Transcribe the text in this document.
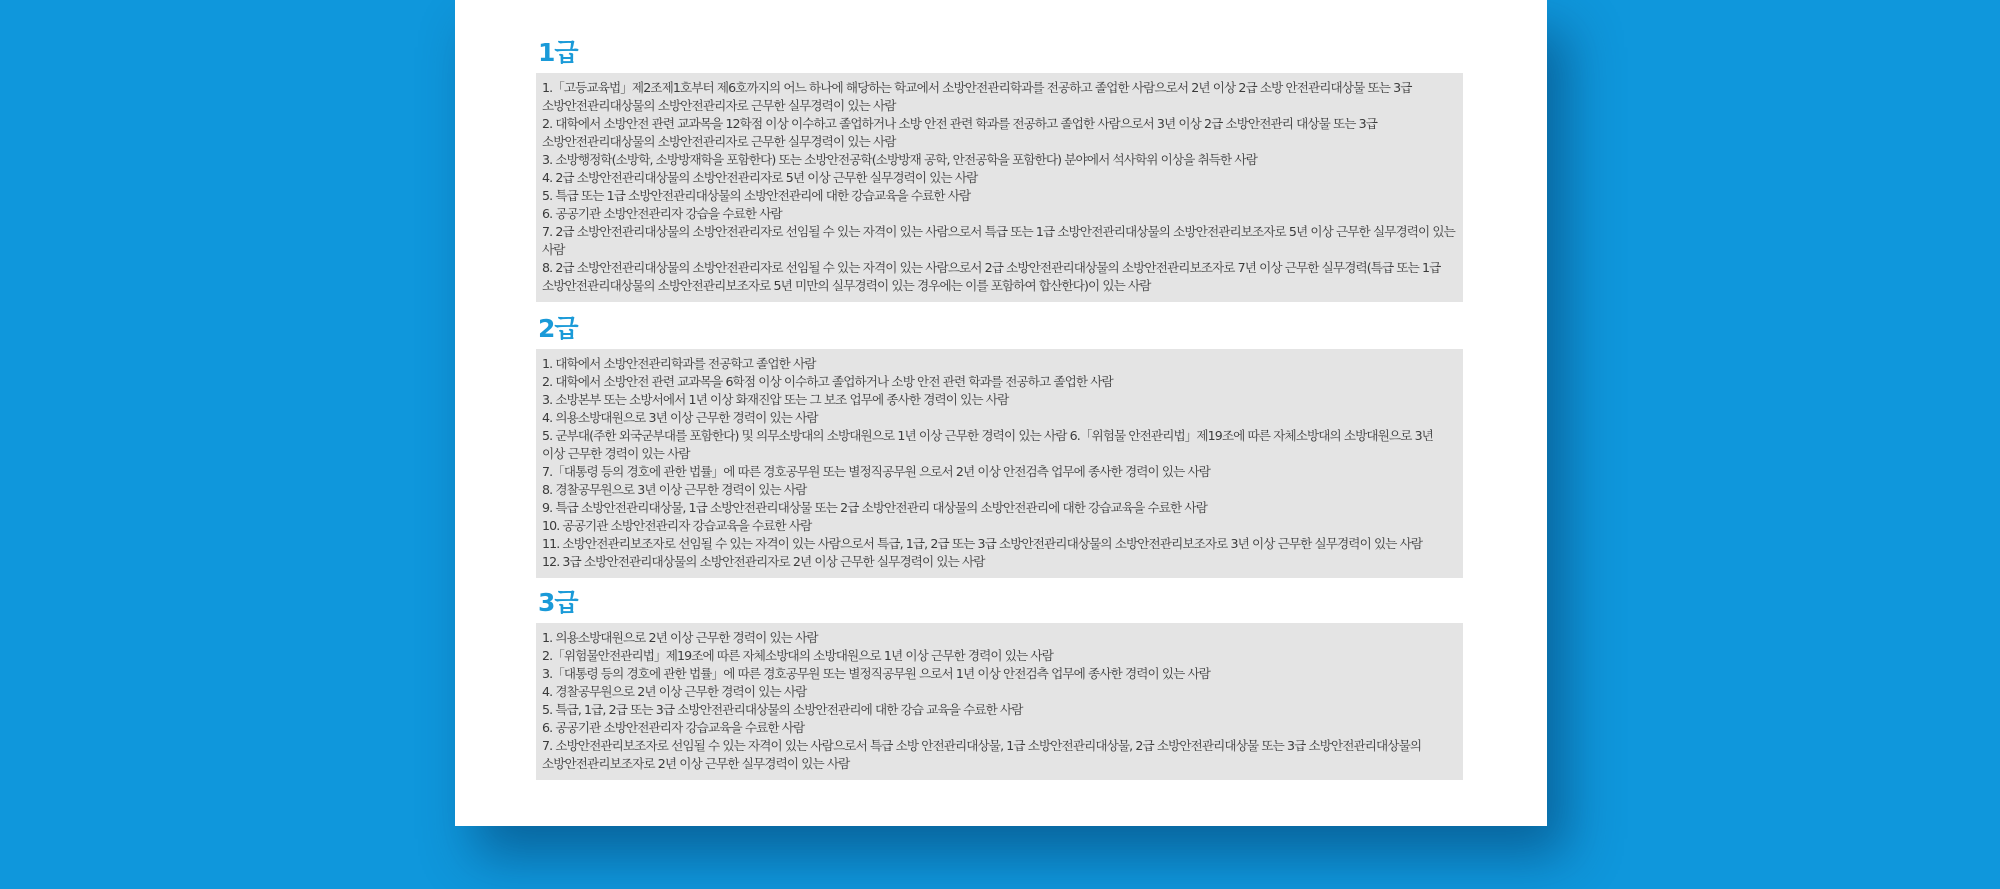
1급
1.「고등교육법」제2조제1호부터 제6호까지의 어느 하나에 해당하는 학교에서 소방안전관리학과를 전공하고 졸업한 사람으로서 2년 이상 2급 소방 안전관리대상물 또는 3급 소방안전관리대상물의 소방안전관리자로 근무한 실무경력이 있는 사람
2. 대학에서 소방안전 관련 교과목을 12학점 이상 이수하고 졸업하거나 소방 안전 관련 학과를 전공하고 졸업한 사람으로서 3년 이상 2급 소방안전관리 대상물 또는 3급 소방안전관리대상물의 소방안전관리자로 근무한 실무경력이 있는 사람
3. 소방행정학(소방학, 소방방재학을 포함한다) 또는 소방안전공학(소방방재 공학, 안전공학을 포함한다) 분야에서 석사학위 이상을 취득한 사람
4. 2급 소방안전관리대상물의 소방안전관리자로 5년 이상 근무한 실무경력이 있는 사람
5. 특급 또는 1급 소방안전관리대상물의 소방안전관리에 대한 강습교육을 수료한 사람
6. 공공기관 소방안전관리자 강습을 수료한 사람
7. 2급 소방안전관리대상물의 소방안전관리자로 선임될 수 있는 자격이 있는 사람으로서 특급 또는 1급 소방안전관리대상물의 소방안전관리보조자로 5년 이상 근무한 실무경력이 있는 사람
8. 2급 소방안전관리대상물의 소방안전관리자로 선임될 수 있는 자격이 있는 사람으로서 2급 소방안전관리대상물의 소방안전관리보조자로 7년 이상 근무한 실무경력(특급 또는 1급 소방안전관리대상물의 소방안전관리보조자로 5년 미만의 실무경력이 있는 경우에는 이를 포함하여 합산한다)이 있는 사람
2급
1. 대학에서 소방안전관리학과를 전공학고 졸업한 사람
2. 대학에서 소방안전 관련 교과목을 6학점 이상 이수하고 졸업하거나 소방 안전 관련 학과를 전공하고 졸업한 사람
3. 소방본부 또는 소방서에서 1년 이상 화재진압 또는 그 보조 업무에 종사한 경력이 있는 사람
4. 의용소방대원으로 3년 이상 근무한 경력이 있는 사람
5. 군부대(주한 외국군부대를 포함한다) 및 의무소방대의 소방대원으로 1년 이상 근무한 경력이 있는 사람 6.「위험물 안전관리법」제19조에 따른 자체소방대의 소방대원으로 3년 이상 근무한 경력이 있는 사람
7.「대통령 등의 경호에 관한 법률」에 따른 경호공무원 또는 별정직공무원 으로서 2년 이상 안전검측 업무에 종사한 경력이 있는 사람
8. 경찰공무원으로 3년 이상 근무한 경력이 있는 사람
9. 특급 소방안전관리대상물, 1급 소방안전관리대상물 또는 2급 소방안전관리 대상물의 소방안전관리에 대한 강습교육을 수료한 사람
10. 공공기관 소방안전관리자 강습교육을 수료한 사람
11. 소방안전관리보조자로 선임될 수 있는 자격이 있는 사람으로서 특급, 1급, 2급 또는 3급 소방안전관리대상물의 소방안전관리보조자로 3년 이상 근무한 실무경력이 있는 사람
12. 3급 소방안전관리대상물의 소방안전관리자로 2년 이상 근무한 실무경력이 있는 사람
3급
1. 의용소방대원으로 2년 이상 근무한 경력이 있는 사람
2.「위험물안전관리법」제19조에 따른 자체소방대의 소방대원으로 1년 이상 근무한 경력이 있는 사람
3.「대통령 등의 경호에 관한 법률」에 따른 경호공무원 또는 별정직공무원 으로서 1년 이상 안전검측 업무에 종사한 경력이 있는 사람
4. 경찰공무원으로 2년 이상 근무한 경력이 있는 사람
5. 특급, 1급, 2급 또는 3급 소방안전관리대상물의 소방안전관리에 대한 강습 교육을 수료한 사람
6. 공공기관 소방안전관리자 강습교육을 수료한 사람
7. 소방안전관리보조자로 선임될 수 있는 자격이 있는 사람으로서 특급 소방 안전관리대상물, 1급 소방안전관리대상물, 2급 소방안전관리대상물 또는 3급 소방안전관리대상물의 소방안전관리보조자로 2년 이상 근무한 실무경력이 있는 사람
